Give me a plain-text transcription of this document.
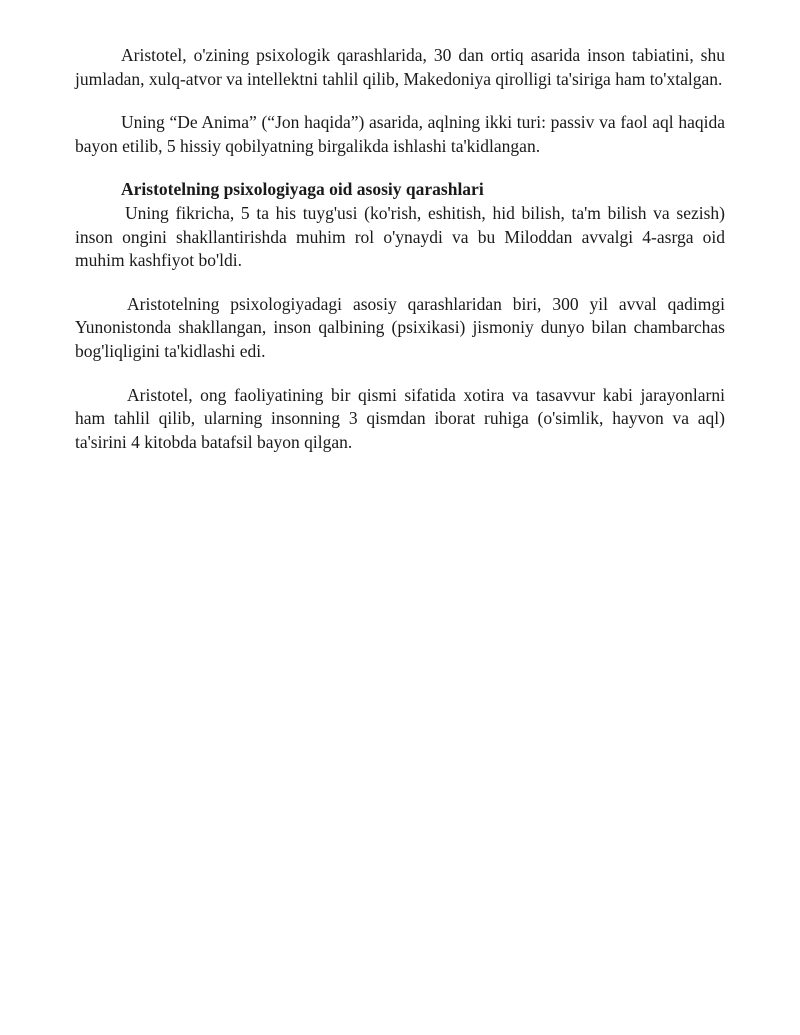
Aristotel, o'zining psixologik qarashlarida, 30 dan ortiq asarida inson tabiatini, shu jumladan, xulq-atvor va intellektni tahlil qilib, Makedoniya qirolligi ta'siriga ham to'xtalgan.

Uning “De Anima” (“Jon haqida”) asarida, aqlning ikki turi: passiv va faol aql haqida bayon etilib, 5 hissiy qobilyatning birgalikda ishlashi ta'kidlangan.

Aristotelning psixologiyaga oid asosiy qarashlari

Uning fikricha, 5 ta his tuyg'usi (ko'rish, eshitish, hid bilish, ta'm bilish va sezish) inson ongini shakllantirishda muhim rol o'ynaydi va bu Miloddan avvalgi 4-asrga oid muhim kashfiyot bo'ldi.

Aristotelning psixologiyadagi asosiy qarashlaridan biri, 300 yil avval qadimgi Yunonistonda shakllangan, inson qalbining (psixikasi) jismoniy dunyo bilan chambarchas bog'liqligini ta'kidlashi edi.

Aristotel, ong faoliyatining bir qismi sifatida xotira va tasavvur kabi jarayonlarni ham tahlil qilib, ularning insonning 3 qismdan iborat ruhiga (o'simlik, hayvon va aql) ta'sirini 4 kitobda batafsil bayon qilgan.
